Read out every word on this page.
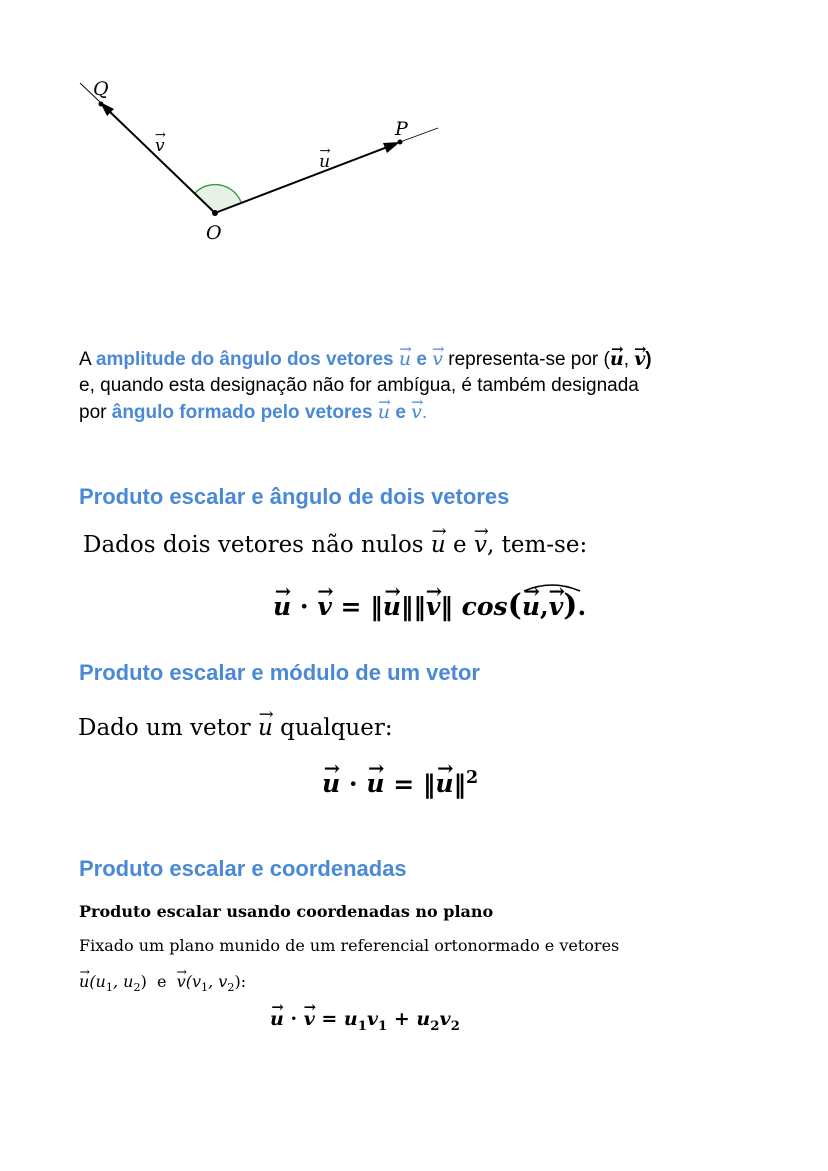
Q
P
O
→ v → u
A amplitude do ângulo dos vetores → u e → v representa-se por (→ u, → v)
e, quando esta designação não for ambígua, é também designada
por ângulo formado pelo vetores → u e → v.
Produto escalar e ângulo de dois vetores
Dados dois vetores não nulos → u e → v, tem-se:
→ u · → v = ‖→ u‖‖→ v‖ cos(
→ u,→ v).
Produto escalar e módulo de um vetor
Dado um vetor → u qualquer:
→ u · → u = ‖→ u‖$^2$
Produto escalar e coordenadas
Produto escalar usando coordenadas no plano
Fixado um plano munido de um referencial ortonormado e vetores
→ $u(u_1$, $u_2$)  $e \to v(v_1$, $v_2$):
→ u · → $v = u_1v_1 + u_2v_2$
